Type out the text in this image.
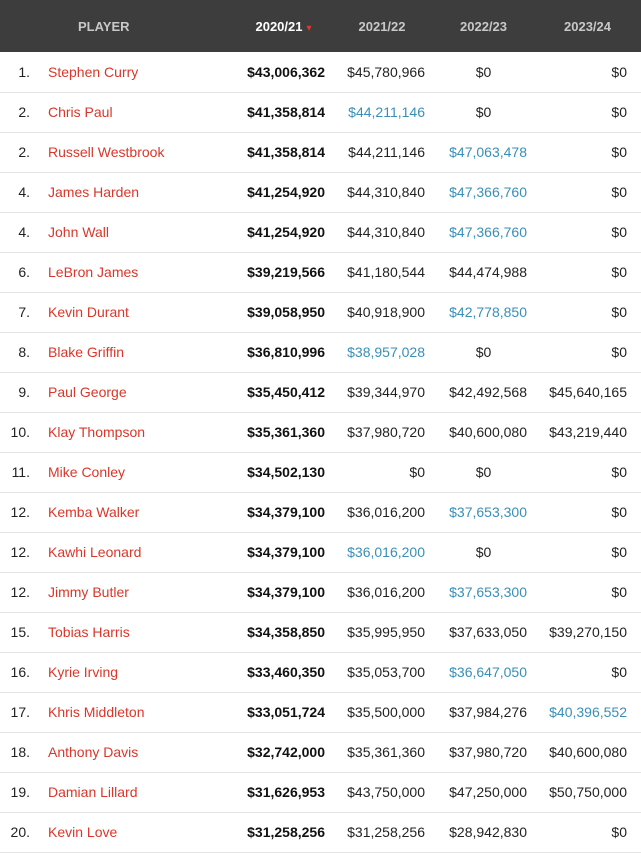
	PLAYER	2020/21 ▾	2021/22	2022/23	2023/24
1.	Stephen Curry	$43,006,362	$45,780,966	$0	$0
2.	Chris Paul	$41,358,814	$44,211,146	$0	$0
2.	Russell Westbrook	$41,358,814	$44,211,146	$47,063,478	$0
4.	James Harden	$41,254,920	$44,310,840	$47,366,760	$0
4.	John Wall	$41,254,920	$44,310,840	$47,366,760	$0
6.	LeBron James	$39,219,566	$41,180,544	$44,474,988	$0
7.	Kevin Durant	$39,058,950	$40,918,900	$42,778,850	$0
8.	Blake Griffin	$36,810,996	$38,957,028	$0	$0
9.	Paul George	$35,450,412	$39,344,970	$42,492,568	$45,640,165
10.	Klay Thompson	$35,361,360	$37,980,720	$40,600,080	$43,219,440
11.	Mike Conley	$34,502,130	$0	$0	$0
12.	Kemba Walker	$34,379,100	$36,016,200	$37,653,300	$0
12.	Kawhi Leonard	$34,379,100	$36,016,200	$0	$0
12.	Jimmy Butler	$34,379,100	$36,016,200	$37,653,300	$0
15.	Tobias Harris	$34,358,850	$35,995,950	$37,633,050	$39,270,150
16.	Kyrie Irving	$33,460,350	$35,053,700	$36,647,050	$0
17.	Khris Middleton	$33,051,724	$35,500,000	$37,984,276	$40,396,552
18.	Anthony Davis	$32,742,000	$35,361,360	$37,980,720	$40,600,080
19.	Damian Lillard	$31,626,953	$43,750,000	$47,250,000	$50,750,000
20.	Kevin Love	$31,258,256	$31,258,256	$28,942,830	$0
